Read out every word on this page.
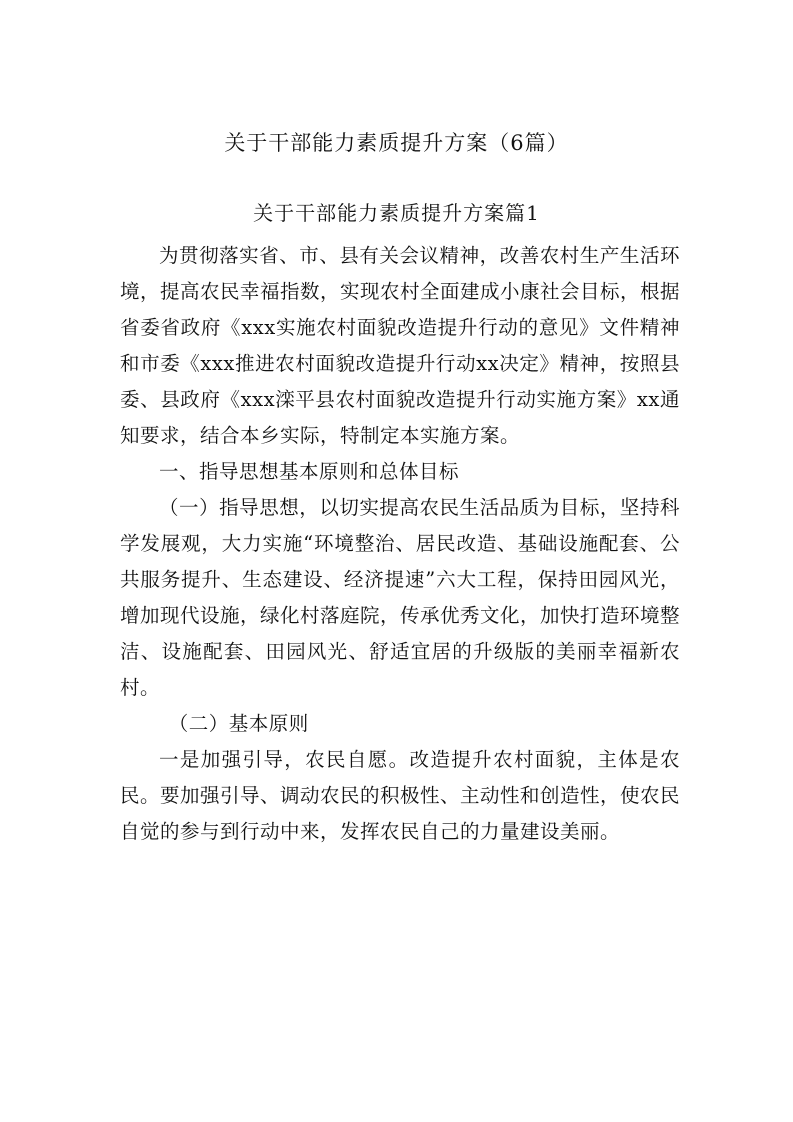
关于干部能力素质提升方案（6篇）
关于干部能力素质提升方案篇1

为贯彻落实省、市、县有关会议精神，改善农村生产生活环境，提高农民幸福指数，实现农村全面建成小康社会目标，根据省委省政府《xxx实施农村面貌改造提升行动的意见》文件精神和市委《xxx推进农村面貌改造提升行动xx决定》精神，按照县委、县政府《xxx滦平县农村面貌改造提升行动实施方案》xx通知要求，结合本乡实际，特制定本实施方案。

一、指导思想基本原则和总体目标

（一）指导思想，以切实提高农民生活品质为目标，坚持科学发展观，大力实施“环境整治、居民改造、基础设施配套、公共服务提升、生态建设、经济提速”六大工程，保持田园风光，增加现代设施，绿化村落庭院，传承优秀文化，加快打造环境整洁、设施配套、田园风光、舒适宜居的升级版的美丽幸福新农村。

（二）基本原则

一是加强引导，农民自愿。改造提升农村面貌，主体是农民。要加强引导、调动农民的积极性、主动性和创造性，使农民自觉的参与到行动中来，发挥农民自己的力量建设美丽。
